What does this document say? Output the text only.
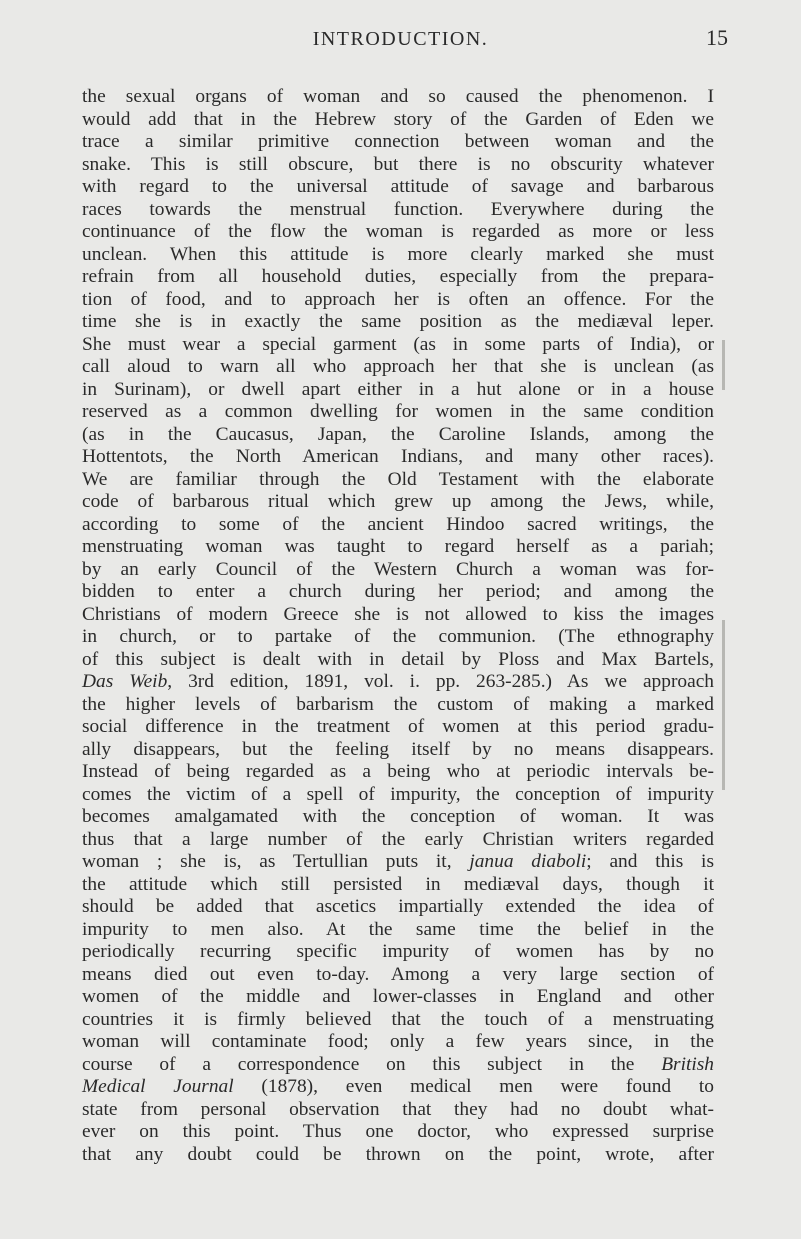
INTRODUCTION.	15
the sexual organs of woman and so caused the phenomenon. I
would add that in the Hebrew story of the Garden of Eden we
trace a similar primitive connection between woman and the
snake. This is still obscure, but there is no obscurity whatever
with regard to the universal attitude of savage and barbarous
races towards the menstrual function. Everywhere during the
continuance of the flow the woman is regarded as more or less
unclean. When this attitude is more clearly marked she must
refrain from all household duties, especially from the prepara-
tion of food, and to approach her is often an offence. For the
time she is in exactly the same position as the mediæval leper.
She must wear a special garment (as in some parts of India), or
call aloud to warn all who approach her that she is unclean (as
in Surinam), or dwell apart either in a hut alone or in a house
reserved as a common dwelling for women in the same condition
(as in the Caucasus, Japan, the Caroline Islands, among the
Hottentots, the North American Indians, and many other races).
We are familiar through the Old Testament with the elaborate
code of barbarous ritual which grew up among the Jews, while,
according to some of the ancient Hindoo sacred writings, the
menstruating woman was taught to regard herself as a pariah;
by an early Council of the Western Church a woman was for-
bidden to enter a church during her period; and among the
Christians of modern Greece she is not allowed to kiss the images
in church, or to partake of the communion. (The ethnography
of this subject is dealt with in detail by Ploss and Max Bartels,
Das Weib, 3rd edition, 1891, vol. i. pp. 263-285.) As we approach
the higher levels of barbarism the custom of making a marked
social difference in the treatment of women at this period gradu-
ally disappears, but the feeling itself by no means disappears.
Instead of being regarded as a being who at periodic intervals be-
comes the victim of a spell of impurity, the conception of impurity
becomes amalgamated with the conception of woman. It was
thus that a large number of the early Christian writers regarded
woman ; she is, as Tertullian puts it, janua diaboli; and this is
the attitude which still persisted in mediæval days, though it
should be added that ascetics impartially extended the idea of
impurity to men also. At the same time the belief in the
periodically recurring specific impurity of women has by no
means died out even to-day. Among a very large section of
women of the middle and lower-classes in England and other
countries it is firmly believed that the touch of a menstruating
woman will contaminate food; only a few years since, in the
course of a correspondence on this subject in the British
Medical Journal (1878), even medical men were found to
state from personal observation that they had no doubt what-
ever on this point. Thus one doctor, who expressed surprise
that any doubt could be thrown on the point, wrote, after
